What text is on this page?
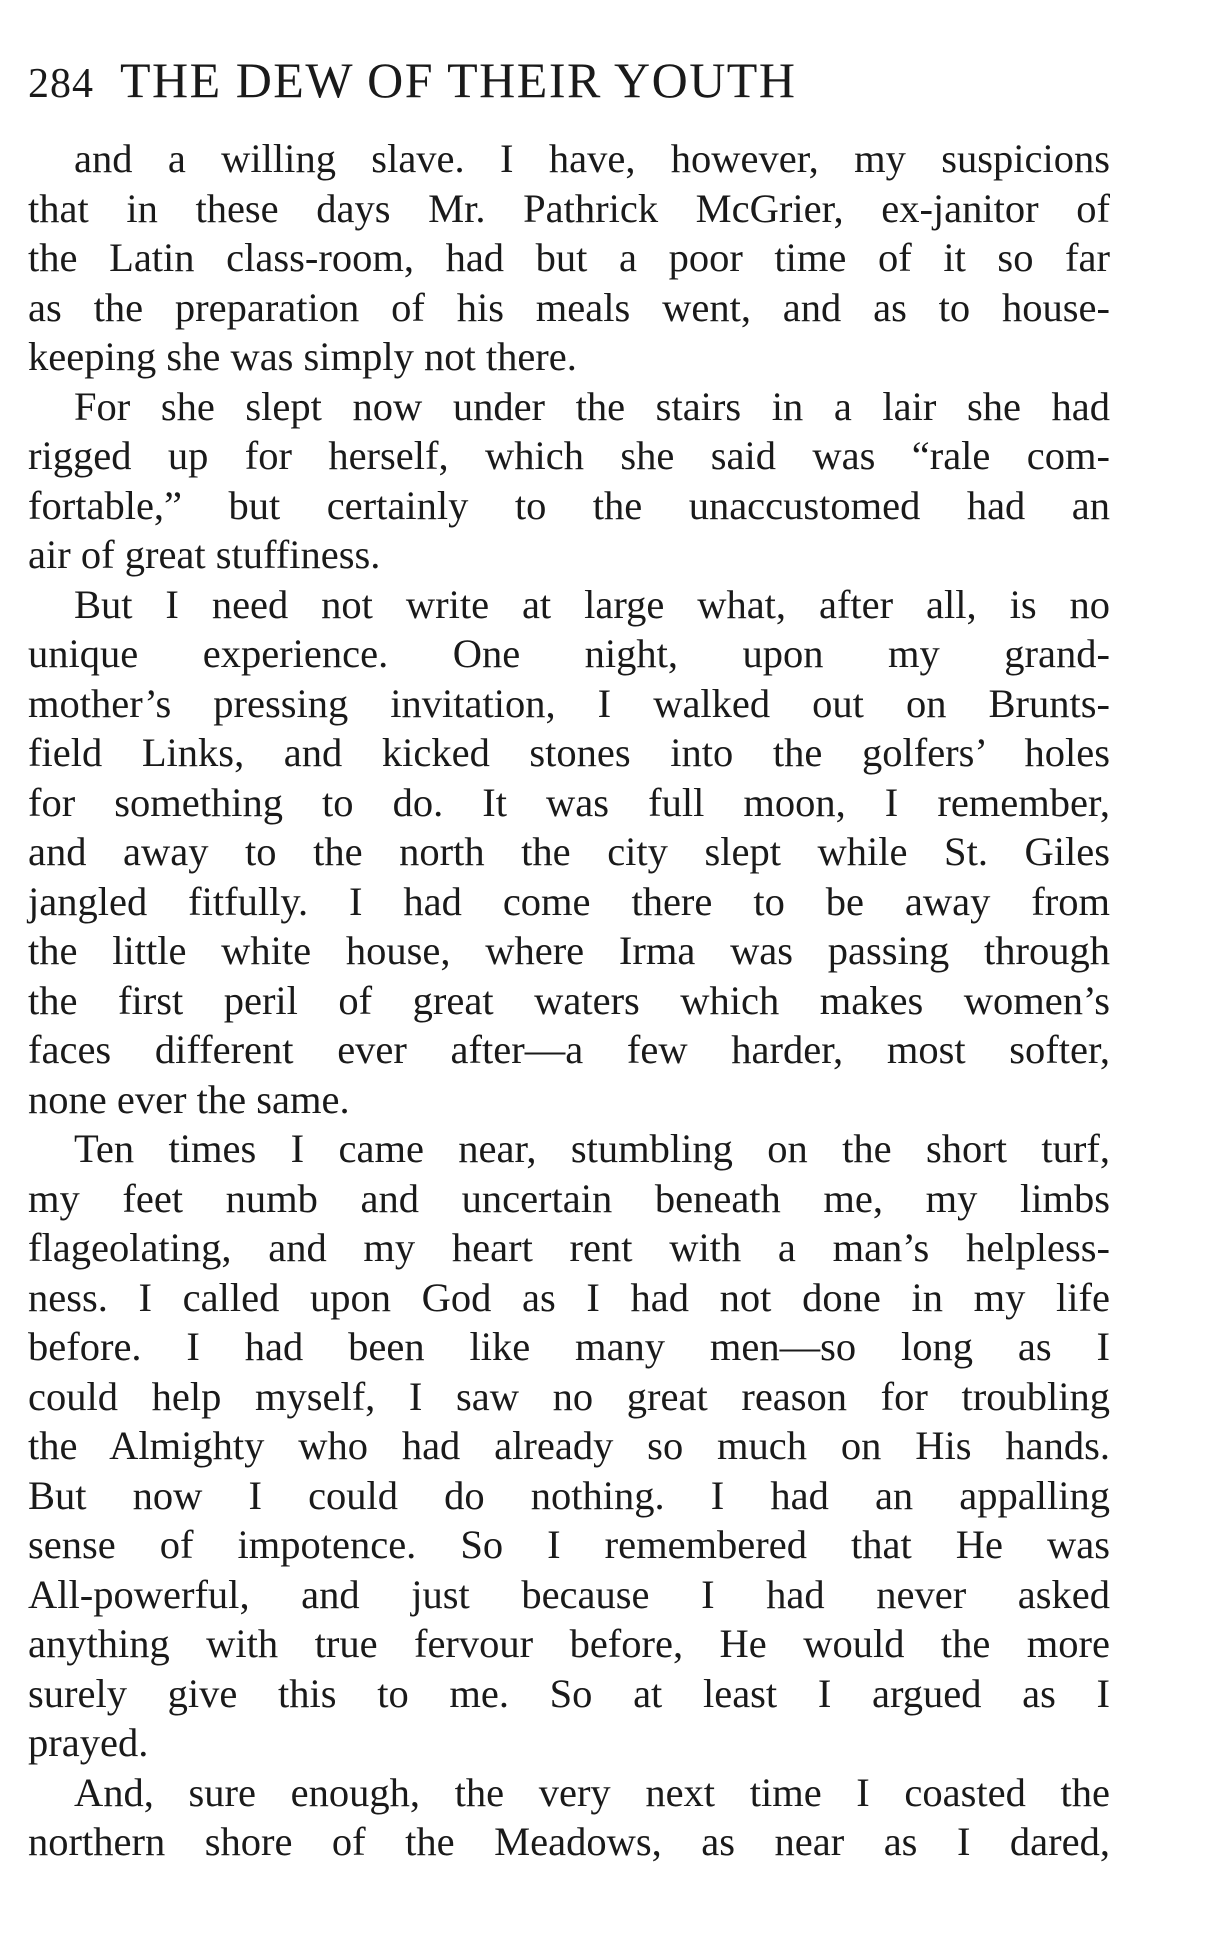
284 THE DEW OF THEIR YOUTH
and a willing slave. I have, however, my suspicions
that in these days Mr. Pathrick McGrier, ex-janitor of
the Latin class-room, had but a poor time of it so far
as the preparation of his meals went, and as to house-
keeping she was simply not there.
For she slept now under the stairs in a lair she had
rigged up for herself, which she said was “rale com-
fortable,” but certainly to the unaccustomed had an
air of great stuffiness.
But I need not write at large what, after all, is no
unique experience. One night, upon my grand-
mother’s pressing invitation, I walked out on Brunts-
field Links, and kicked stones into the golfers’ holes
for something to do. It was full moon, I remember,
and away to the north the city slept while St. Giles
jangled fitfully. I had come there to be away from
the little white house, where Irma was passing through
the first peril of great waters which makes women’s
faces different ever after—a few harder, most softer,
none ever the same.
Ten times I came near, stumbling on the short turf,
my feet numb and uncertain beneath me, my limbs
flageolating, and my heart rent with a man’s helpless-
ness. I called upon God as I had not done in my life
before. I had been like many men—so long as I
could help myself, I saw no great reason for troubling
the Almighty who had already so much on His hands.
But now I could do nothing. I had an appalling
sense of impotence. So I remembered that He was
All-powerful, and just because I had never asked
anything with true fervour before, He would the more
surely give this to me. So at least I argued as I
prayed.
And, sure enough, the very next time I coasted the
northern shore of the Meadows, as near as I dared,
